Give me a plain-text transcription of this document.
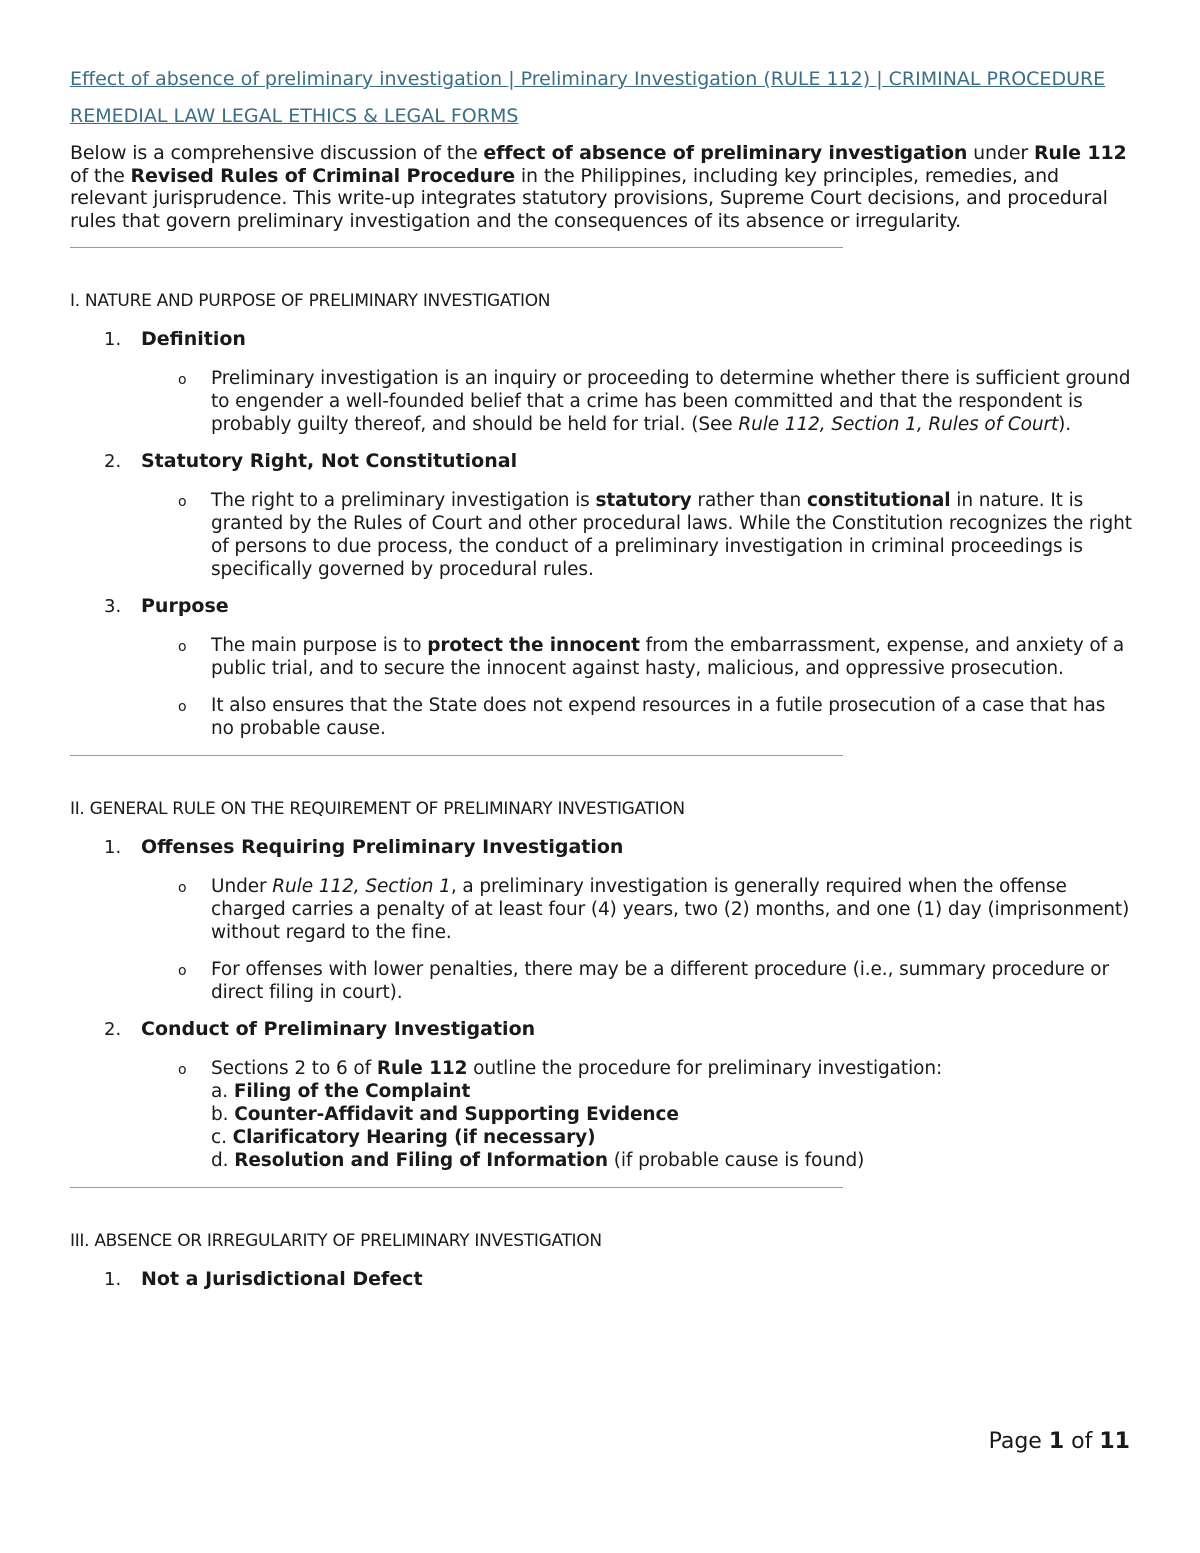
Effect of absence of preliminary investigation | Preliminary Investigation (RULE 112) | CRIMINAL PROCEDURE
REMEDIAL LAW LEGAL ETHICS & LEGAL FORMS

Below is a comprehensive discussion of the effect of absence of preliminary investigation under Rule 112 of the Revised Rules of Criminal Procedure in the Philippines, including key principles, remedies, and relevant jurisprudence. This write-up integrates statutory provisions, Supreme Court decisions, and procedural rules that govern preliminary investigation and the consequences of its absence or irregularity.

I. NATURE AND PURPOSE OF PRELIMINARY INVESTIGATION
1. Definition
o Preliminary investigation is an inquiry or proceeding to determine whether there is sufficient ground to engender a well-founded belief that a crime has been committed and that the respondent is probably guilty thereof, and should be held for trial. (See Rule 112, Section 1, Rules of Court).
2. Statutory Right, Not Constitutional
o The right to a preliminary investigation is statutory rather than constitutional in nature. It is granted by the Rules of Court and other procedural laws. While the Constitution recognizes the right of persons to due process, the conduct of a preliminary investigation in criminal proceedings is specifically governed by procedural rules.
3. Purpose
o The main purpose is to protect the innocent from the embarrassment, expense, and anxiety of a public trial, and to secure the innocent against hasty, malicious, and oppressive prosecution.
o It also ensures that the State does not expend resources in a futile prosecution of a case that has no probable cause.
II. GENERAL RULE ON THE REQUIREMENT OF PRELIMINARY INVESTIGATION
1. Offenses Requiring Preliminary Investigation
o Under Rule 112, Section 1, a preliminary investigation is generally required when the offense charged carries a penalty of at least four (4) years, two (2) months, and one (1) day (imprisonment) without regard to the fine.
o For offenses with lower penalties, there may be a different procedure (i.e., summary procedure or direct filing in court).
2. Conduct of Preliminary Investigation
o Sections 2 to 6 of Rule 112 outline the procedure for preliminary investigation:
a. Filing of the Complaint
b. Counter-Affidavit and Supporting Evidence
c. Clarificatory Hearing (if necessary)
d. Resolution and Filing of Information (if probable cause is found)
III. ABSENCE OR IRREGULARITY OF PRELIMINARY INVESTIGATION
1. Not a Jurisdictional Defect
Page 1 of 11
